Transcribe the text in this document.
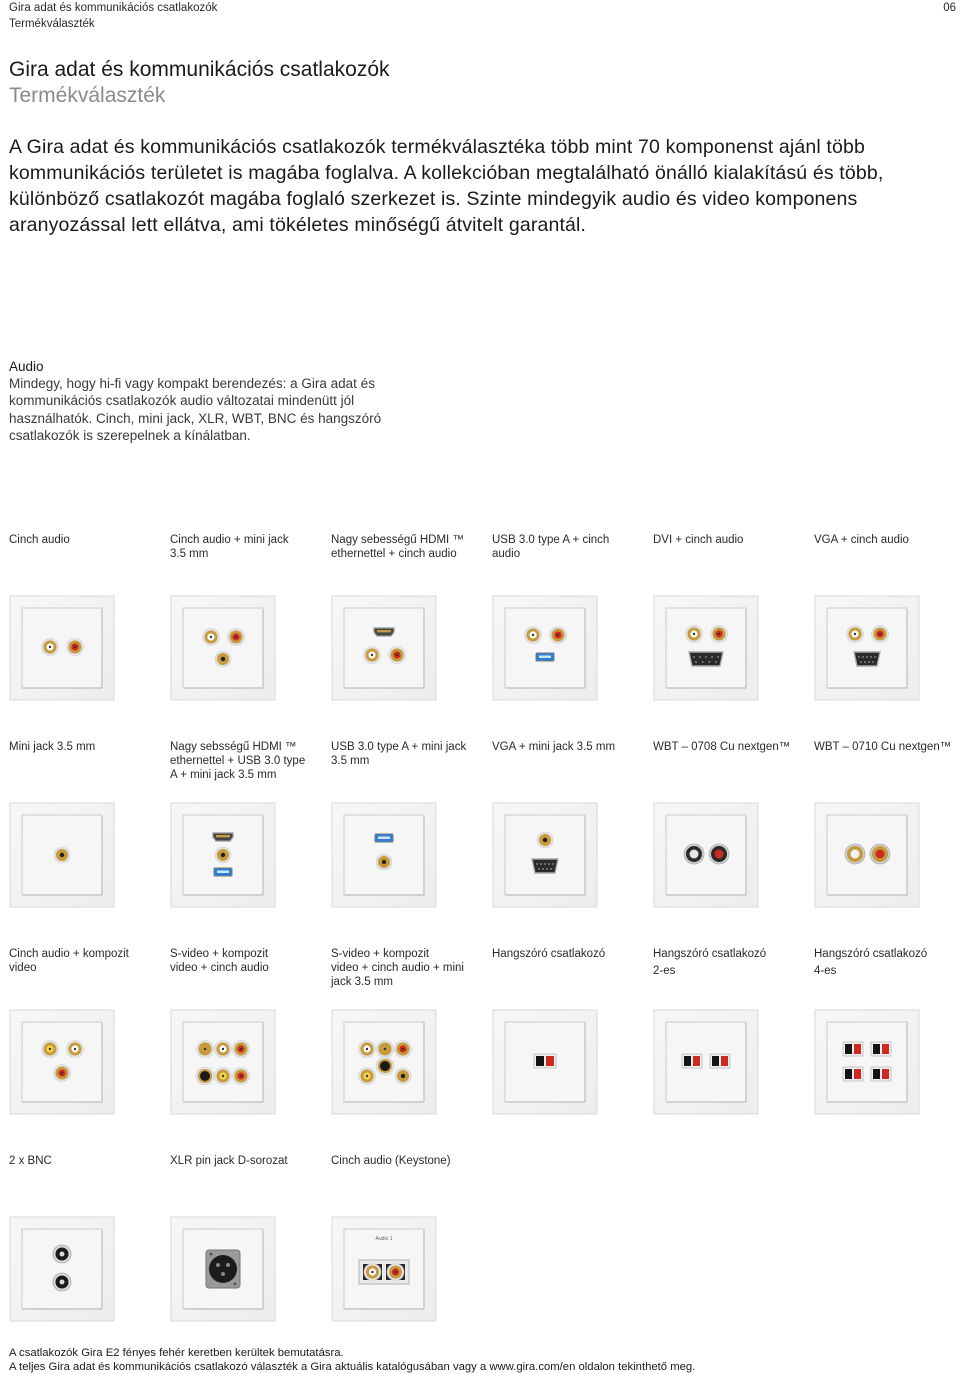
Gira adat és kommunikációs csatlakozók
Termékválaszték
06
Gira adat és kommunikációs csatlakozók
Termékválaszték
A Gira adat és kommunikációs csatlakozók termékválasztéka több mint 70 komponenst ajánl több kommunikációs területet is magába foglalva. A kollekcióban megtalálható önálló kialakítású és több, különböző csatlakozót magába foglaló szerkezet is. Szinte mindegyik audio és video komponens aranyozással lett ellátva, ami tökéletes minőségű átvitelt garantál.
Audio
Mindegy, hogy hi-fi vagy kompakt berendezés: a Gira adat és kommunikációs csatlakozók audio változatai mindenütt jól használhatók. Cinch, mini jack, XLR, WBT, BNC és hangszóró csatlakozók is szerepelnek a kínálatban.
Cinch audio	Cinch audio + mini jack
3.5 mm
Nagy sebességű HDMI ™
ethernettel + cinch audio
USB 3.0 type A + cinch
audio
DVI + cinch audio	VGA + cinch audio
Mini jack 3.5 mm	Nagy sebsségű HDMI ™
ethernettel + USB 3.0 type
A + mini jack 3.5 mm
USB 3.0 type A + mini jack
3.5 mm
VGA + mini jack 3.5 mm	WBT – 0708 Cu nextgen™	WBT – 0710 Cu nextgen™
Cinch audio + kompozit
video
S-video + kompozit
video + cinch audio
S-video + kompozit
video + cinch audio + mini
jack 3.5 mm
Hangszóró csatlakozó	Hangszóró csatlakozó
2-es
Hangszóró csatlakozó
4-es
2 x BNC	XLR pin jack D-sorozat	Cinch audio (Keystone)
Audio 1
A csatlakozók Gira E2 fényes fehér keretben kerültek bemutatásra.
A teljes Gira adat és kommunikációs csatlakozó választék a Gira aktuális katalógusában vagy a www.gira.com/en oldalon tekinthető meg.
